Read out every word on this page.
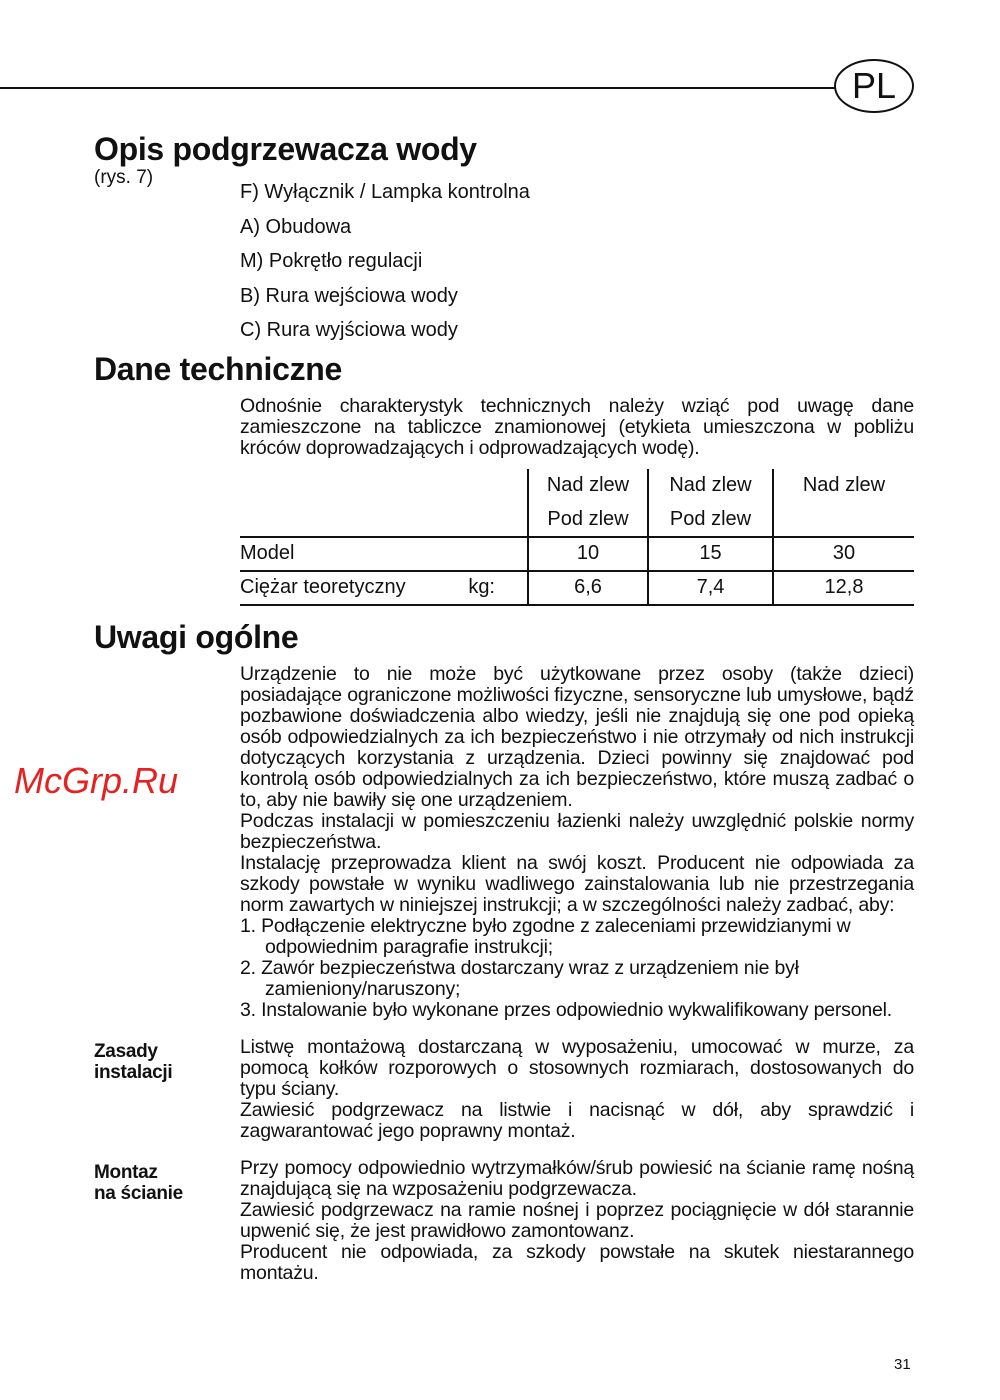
PL
Opis podgrzewacza wody
(rys. 7)
F) Wyłącznik / Lampka kontrolna
A) Obudowa
M) Pokrętło regulacji
B) Rura wejściowa wody
C) Rura wyjściowa wody
Dane techniczne

Odnośnie charakterystyk technicznych należy wziąć pod uwagę dane zamieszczone na tabliczce znamionowej (etykieta umieszczona w pobliżu króców doprowadzających i odprowadzających wodę).

	Nad zlew	Nad zlew	Nad zlew
	Pod zlew	Pod zlew	
Model	10	15	30
Ciężar teoretyczny kg:	6,6	7,4	12,8
Uwagi ogólne

Urządzenie to nie może być użytkowane przez osoby (także dzieci) posiadające ograniczone możliwości fizyczne, sensoryczne lub umysłowe, bądź pozbawione doświadczenia albo wiedzy, jeśli nie znajdują się one pod opieką osób odpowiedzialnych za ich bezpieczeństwo i nie otrzymały od nich instrukcji dotyczących korzystania z urządzenia. Dzieci powinny się znajdować pod kontrolą osób odpowiedzialnych za ich bezpieczeństwo, które muszą zadbać o to, aby nie bawiły się one urządzeniem.

Podczas instalacji w pomieszczeniu łazienki należy uwzględnić polskie normy bezpieczeństwa.

Instalację przeprowadza klient na swój koszt. Producent nie odpowiada za szkody powstałe w wyniku wadliwego zainstalowania lub nie przestrzegania norm zawartych w niniejszej instrukcji; a w szczególności należy zadbać, aby:

1. Podłączenie elektryczne było zgodne z zaleceniami przewidzianymi w odpowiednim paragrafie instrukcji;

2. Zawór bezpieczeństwa dostarczany wraz z urządzeniem nie był zamieniony/naruszony;

3. Instalowanie było wykonane przes odpowiednio wykwalifikowany personel.

Zasady
instalacji

Listwę montażową dostarczaną w wyposażeniu, umocować w murze, za pomocą kołków rozporowych o stosownych rozmiarach, dostosowanych do typu ściany.

Zawiesić podgrzewacz na listwie i nacisnąć w dół, aby sprawdzić i zagwarantować jego poprawny montaż.

Montaz
na ścianie

Przy pomocy odpowiednio wytrzymałków/śrub powiesić na ścianie ramę nośną znajdującą się na wzposażeniu podgrzewacza.

Zawiesić podgrzewacz na ramie nośnej i poprzez pociągnięcie w dół starannie upwenić się, że jest prawidłowo zamontowanz.

Producent nie odpowiada, za szkody powstałe na skutek niestarannego montażu.

McGrp.Ru
31
